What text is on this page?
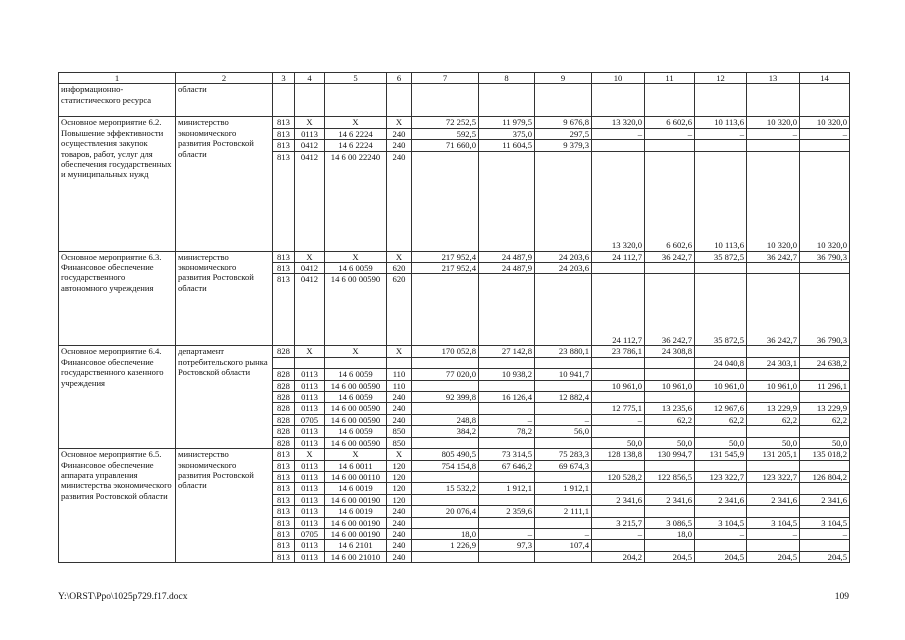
1	2	3	4	5	6	7	8	9	10	11	12	13	14
информационно-статистического ресурса	области												
Основное мероприятие 6.2. Повышение эффективности осуществления закупок товаров, работ, услуг для обеспечения государственных и муниципальных нужд	министерство экономического развития Ростовской области	813	X	X	X	72 252,5	11 979,5	9 676,8	13 320,0	6 602,6	10 113,6	10 320,0	10 320,0
		813	0113	14 6 2224	240	592,5	375,0	297,5	–	–	–	–	–
		813	0412	14 6 2224	240	71 660,0	11 604,5	9 379,3					
		813	0412	14 6 00 22240	240				13 320,0	6 602,6	10 113,6	10 320,0	10 320,0
Основное мероприятие 6.3. Финансовое обеспечение государственного автономного учреждения	министерство экономического развития Ростовской области	813	X	X	X	217 952,4	24 487,9	24 203,6	24 112,7	36 242,7	35 872,5	36 242,7	36 790,3
		813	0412	14 6 0059	620	217 952,4	24 487,9	24 203,6					
		813	0412	14 6 00 00590	620				24 112,7	36 242,7	35 872,5	36 242,7	36 790,3
Основное мероприятие 6.4. Финансовое обеспечение государственного казенного учреждения	департамент потребительского рынка Ростовской области	828	X	X	X	170 052,8	27 142,8	23 880,1	23 786,1	24 308,8			
											24 040,8	24 303,1	24 638,2
		828	0113	14 6 0059	110	77 020,0	10 938,2	10 941,7					
		828	0113	14 6 00 00590	110				10 961,0	10 961,0	10 961,0	10 961,0	11 296,1
		828	0113	14 6 0059	240	92 399,8	16 126,4	12 882,4					
		828	0113	14 6 00 00590	240				12 775,1	13 235,6	12 967,6	13 229,9	13 229,9
		828	0705	14 6 00 00590	240	248,8	–	–	–	62,2	62,2	62,2	62,2
		828	0113	14 6 0059	850	384,2	78,2	56,0					
		828	0113	14 6 00 00590	850				50,0	50,0	50,0	50,0	50,0
Основное мероприятие 6.5. Финансовое обеспечение аппарата управления министерства экономического развития Ростовской области	министерство экономического развития Ростовской области	813	X	X	X	805 490,5	73 314,5	75 283,3	128 138,8	130 994,7	131 545,9	131 205,1	135 018,2
		813	0113	14 6 0011	120	754 154,8	67 646,2	69 674,3					
		813	0113	14 6 00 00110	120				120 528,2	122 856,5	123 322,7	123 322,7	126 804,2
		813	0113	14 6 0019	120	15 532,2	1 912,1	1 912,1					
		813	0113	14 6 00 00190	120				2 341,6	2 341,6	2 341,6	2 341,6	2 341,6
		813	0113	14 6 0019	240	20 076,4	2 359,6	2 111,1					
		813	0113	14 6 00 00190	240				3 215,7	3 086,5	3 104,5	3 104,5	3 104,5
		813	0705	14 6 00 00190	240	18,0	–	–	–	18,0	–	–	–
		813	0113	14 6 2101	240	1 226,9	97,3	107,4					
		813	0113	14 6 00 21010	240				204,2	204,5	204,5	204,5	204,5
Y:\ORST\Ppo\1025p729.f17.docx	109
